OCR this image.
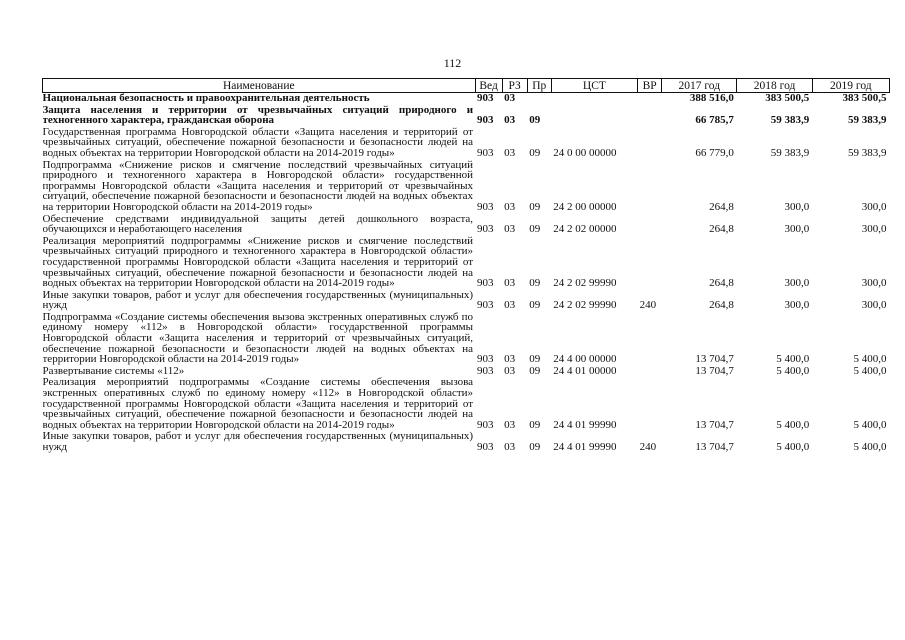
112
Наименование	Вед	РЗ	Пр	ЦСТ	ВР	2017 год	2018 год	2019 год
Национальная безопасность и правоохранительная деятельность	903	03				388 516,0	383 500,5	383 500,5
Защита населения и территории от чрезвычайных ситуаций природного и техногенного характера, гражданская оборона	903	03	09			66 785,7	59 383,9	59 383,9
Государственная программа Новгородской области «Защита населения и территорий от чрезвычайных ситуаций, обеспечение пожарной безопасности и безопасности людей на водных объектах на территории Новгородской области на 2014-2019 годы»	903	03	09	24 0 00 00000		66 779,0	59 383,9	59 383,9
Подпрограмма «Снижение рисков и смягчение последствий чрезвычайных ситуаций природного и техногенного характера в Новгородской области» государственной программы Новгородской области «Защита населения и территорий от чрезвычайных ситуаций, обеспечение пожарной безопасности и безопасности людей на водных объектах на территории Новгородской области на 2014-2019 годы»	903	03	09	24 2 00 00000		264,8	300,0	300,0
Обеспечение средствами индивидуальной защиты детей дошкольного возраста, обучающихся и неработающего населения	903	03	09	24 2 02 00000		264,8	300,0	300,0
Реализация мероприятий подпрограммы «Снижение рисков и смягчение последствий чрезвычайных ситуаций природного и техногенного характера в Новгородской области» государственной программы Новгородской области «Защита населения и территорий от чрезвычайных ситуаций, обеспечение пожарной безопасности и безопасности людей на водных объектах на территории Новгородской области на 2014-2019 годы»	903	03	09	24 2 02 99990		264,8	300,0	300,0
Иные закупки товаров, работ и услуг для обеспечения государственных (муниципальных) нужд	903	03	09	24 2 02 99990	240	264,8	300,0	300,0
Подпрограмма «Создание системы обеспечения вызова экстренных оперативных служб по единому номеру «112» в Новгородской области» государственной программы Новгородской области «Защита населения и территорий от чрезвычайных ситуаций, обеспечение пожарной безопасности и безопасности людей на водных объектах на территории Новгородской области на 2014-2019 годы»	903	03	09	24 4 00 00000		13 704,7	5 400,0	5 400,0
Развертывание системы «112»	903	03	09	24 4 01 00000		13 704,7	5 400,0	5 400,0
Реализация мероприятий подпрограммы «Создание системы обеспечения вызова экстренных оперативных служб по единому номеру «112» в Новгородской области» государственной программы Новгородской области «Защита населения и территорий от чрезвычайных ситуаций, обеспечение пожарной безопасности и безопасности людей на водных объектах на территории Новгородской области на 2014-2019 годы»	903	03	09	24 4 01 99990		13 704,7	5 400,0	5 400,0
Иные закупки товаров, работ и услуг для обеспечения государственных (муниципальных) нужд	903	03	09	24 4 01 99990	240	13 704,7	5 400,0	5 400,0
